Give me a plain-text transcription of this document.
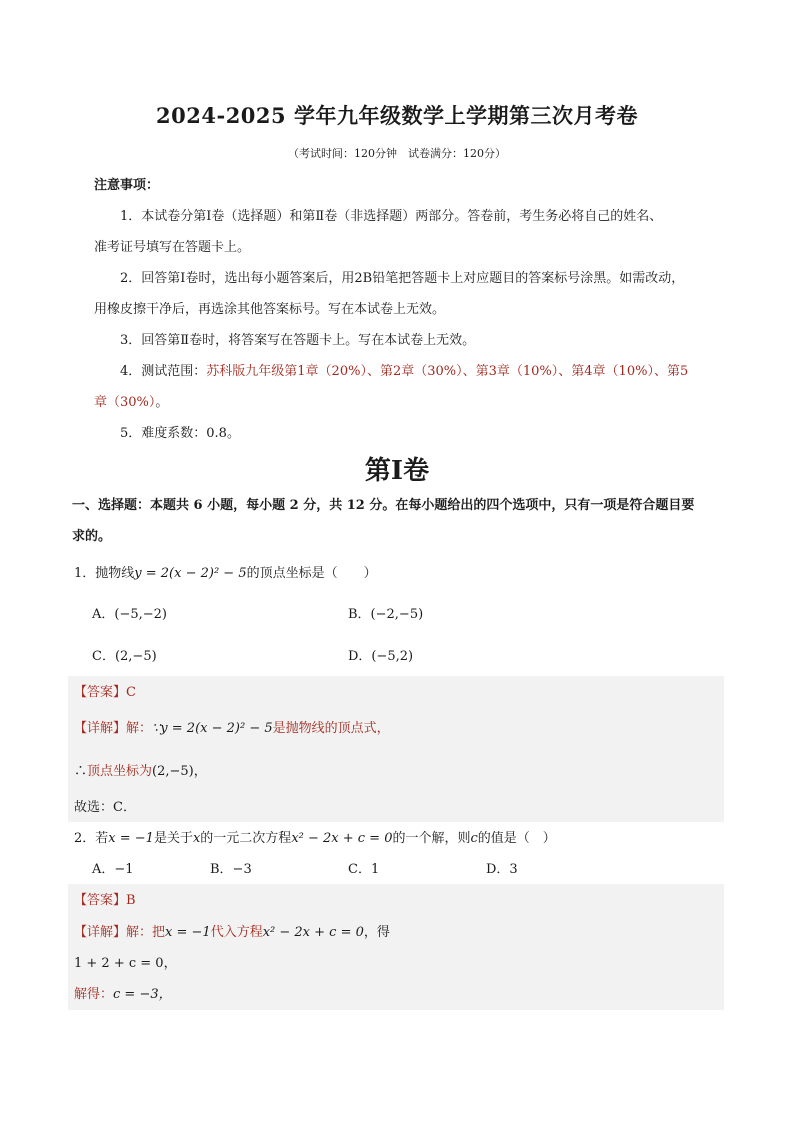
2024-2025 学年九年级数学上学期第三次月考卷
（考试时间：120分钟　试卷满分：120分）
注意事项：
1．本试卷分第Ⅰ卷（选择题）和第Ⅱ卷（非选择题）两部分。答卷前，考生务必将自己的姓名、
准考证号填写在答题卡上。
2．回答第Ⅰ卷时，选出每小题答案后，用2B铅笔把答题卡上对应题目的答案标号涂黑。如需改动，
用橡皮擦干净后，再选涂其他答案标号。写在本试卷上无效。
3．回答第Ⅱ卷时，将答案写在答题卡上。写在本试卷上无效。
4．测试范围：苏科版九年级第1章（20%）、第2章（30%）、第3章（10%）、第4章（10%）、第5
章（30%）。
5．难度系数：0.8。
第Ⅰ卷
一、选择题：本题共 6 小题，每小题 2 分，共 12 分。在每小题给出的四个选项中，只有一项是符合题目要
求的。
1．抛物线y = 2(x − 2)² − 5的顶点坐标是（　　）
A．(−5,−2)	B．(−2,−5)
C．(2,−5)	D．(−5,2)
【答案】C
【详解】解：∵y = 2(x − 2)² − 5是抛物线的顶点式，
∴顶点坐标为(2,−5)，
故选：C．
2．若x = −1是关于x的一元二次方程x² − 2x + c = 0的一个解，则c的值是（　）
A．−1	B．−3	C．1	D．3
【答案】B
【详解】解：把x = −1代入方程x² − 2x + c = 0，得
1 + 2 + c = 0，
解得：c = −3，
